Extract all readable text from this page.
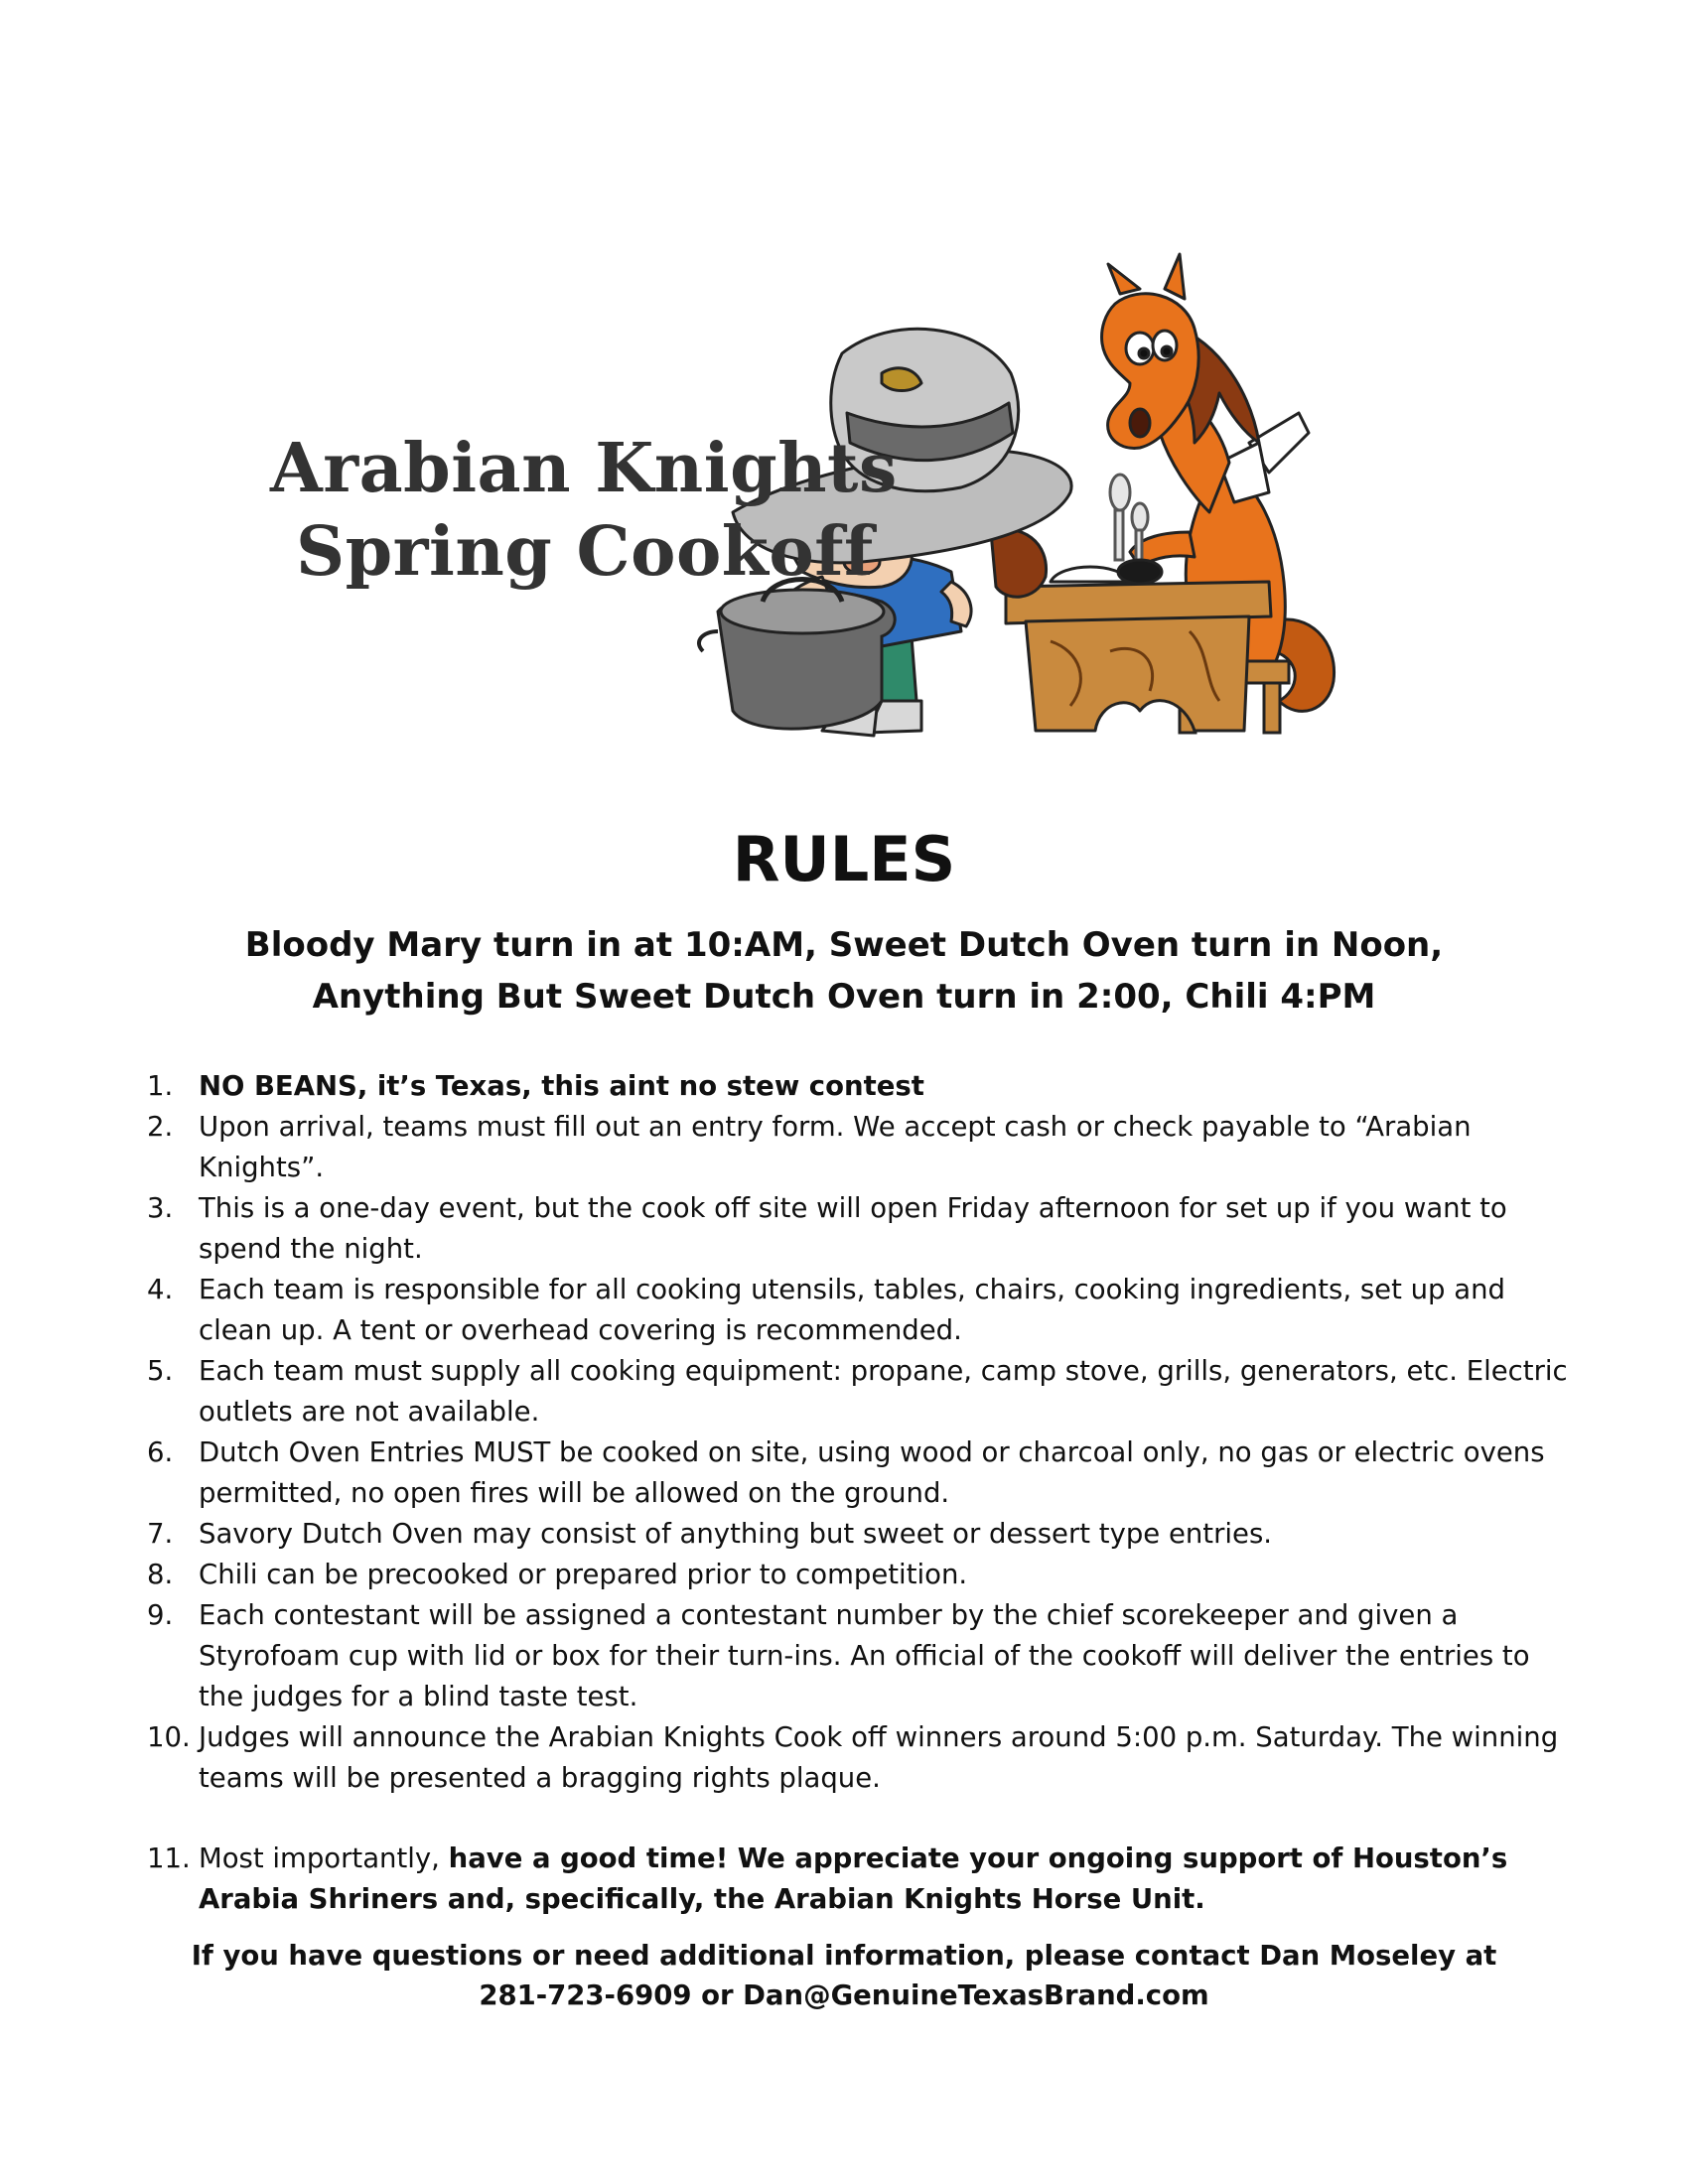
Arabian Knights
Spring Cookoff
RULES
Bloody Mary turn in at 10:AM, Sweet Dutch Oven turn in Noon,
Anything But Sweet Dutch Oven turn in 2:00, Chili 4:PM
1. NO BEANS, it’s Texas, this aint no stew contest
2. Upon arrival, teams must fill out an entry form. We accept cash or check payable to “Arabian Knights”.
3. This is a one-day event, but the cook off site will open Friday afternoon for set up if you want to spend the night.
4. Each team is responsible for all cooking utensils, tables, chairs, cooking ingredients, set up and clean up. A tent or overhead covering is recommended.
5. Each team must supply all cooking equipment: propane, camp stove, grills, generators, etc. Electric outlets are not available.
6. Dutch Oven Entries MUST be cooked on site, using wood or charcoal only, no gas or electric ovens permitted, no open fires will be allowed on the ground.
7. Savory Dutch Oven may consist of anything but sweet or dessert type entries.
8. Chili can be precooked or prepared prior to competition.
9. Each contestant will be assigned a contestant number by the chief scorekeeper and given a Styrofoam cup with lid or box for their turn-ins. An official of the cookoff will deliver the entries to the judges for a blind taste test.
10. Judges will announce the Arabian Knights Cook off winners around 5:00 p.m. Saturday. The winning teams will be presented a bragging rights plaque.
11. Most importantly, have a good time! We appreciate your ongoing support of Houston’s Arabia Shriners and, specifically, the Arabian Knights Horse Unit.
If you have questions or need additional information, please contact Dan Moseley at
281-723-6909 or Dan@GenuineTexasBrand.com
